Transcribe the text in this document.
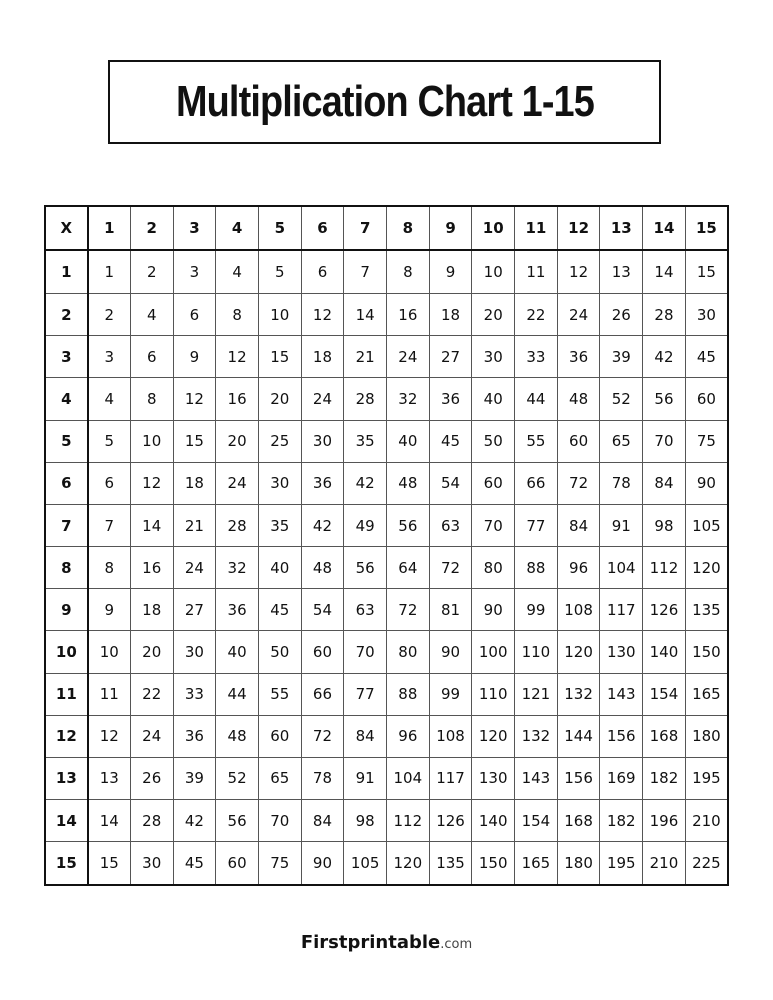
Multiplication Chart 1-15
X	1	2	3	4	5	6	7	8	9	10	11	12	13	14	15
1	1	2	3	4	5	6	7	8	9	10	11	12	13	14	15
2	2	4	6	8	10	12	14	16	18	20	22	24	26	28	30
3	3	6	9	12	15	18	21	24	27	30	33	36	39	42	45
4	4	8	12	16	20	24	28	32	36	40	44	48	52	56	60
5	5	10	15	20	25	30	35	40	45	50	55	60	65	70	75
6	6	12	18	24	30	36	42	48	54	60	66	72	78	84	90
7	7	14	21	28	35	42	49	56	63	70	77	84	91	98	105
8	8	16	24	32	40	48	56	64	72	80	88	96	104	112	120
9	9	18	27	36	45	54	63	72	81	90	99	108	117	126	135
10	10	20	30	40	50	60	70	80	90	100	110	120	130	140	150
11	11	22	33	44	55	66	77	88	99	110	121	132	143	154	165
12	12	24	36	48	60	72	84	96	108	120	132	144	156	168	180
13	13	26	39	52	65	78	91	104	117	130	143	156	169	182	195
14	14	28	42	56	70	84	98	112	126	140	154	168	182	196	210
15	15	30	45	60	75	90	105	120	135	150	165	180	195	210	225
Firstprintable.com
